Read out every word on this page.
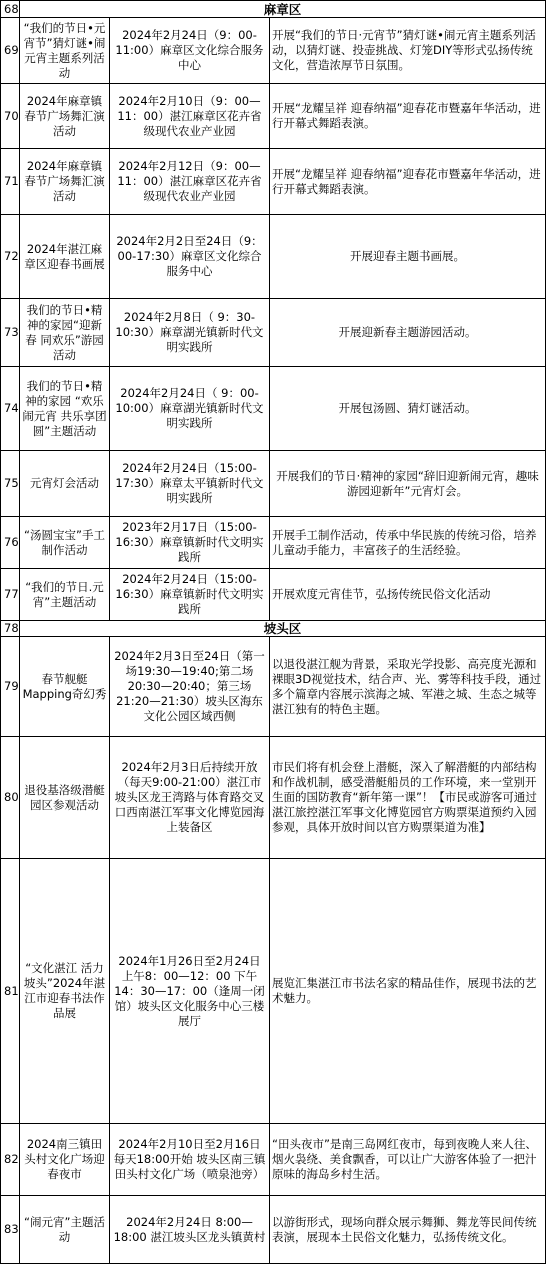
68	麻章区		
69	“我们的节日•元宵节”猜灯谜•闹元宵主题系列活动	2024年2月24日（9：00-11:00）麻章区文化综合服务中心	开展“我们的节日·元宵节”猜灯谜•闹元宵主题系列活动，以猜灯谜、投壶挑战、灯笼DIY等形式弘扬传统文化，营造浓厚节日氛围。
70	2024年麻章镇春节广场舞汇演活动	2024年2月10日（9：00—11：00）湛江麻章区花卉省级现代农业产业园	开展“龙耀呈祥 迎春纳福”迎春花市暨嘉年华活动，进行开幕式舞蹈表演。
71	2024年麻章镇春节广场舞汇演活动	2024年2月12日（9：00—11：00）湛江麻章区花卉省级现代农业产业园	开展“龙耀呈祥 迎春纳福”迎春花市暨嘉年华活动，进行开幕式舞蹈表演。
72	2024年湛江麻章区迎春书画展	2024年2月2日至24日（9：00-17:30）麻章区文化综合服务中心	开展迎春主题书画展。
73	我们的节日•精神的家园“迎新春 同欢乐”游园活动	2024年2月8日（ 9：30-10:30）麻章湖光镇新时代文明实践所	开展迎新春主题游园活动。
74	我们的节日•精神的家园 “欢乐闹元宵 共乐享团圆”主题活动	2024年2月24日（ 9：00-10:00）麻章湖光镇新时代文明实践所	开展包汤圆、猜灯谜活动。
75	元宵灯会活动	2024年2月24日（15:00-17:30）麻章太平镇新时代文明实践所	开展我们的节日·精神的家园“辞旧迎新闹元宵，趣味游园迎新年”元宵灯会。
76	“汤圆宝宝”手工制作活动	2023年2月17日（15:00-16:30）麻章镇新时代文明实践所	开展手工制作活动，传承中华民族的传统习俗，培养儿童动手能力，丰富孩子的生活经验。
77	“我们的节日.元宵”主题活动	2024年2月24日（15:00-16:30）麻章镇新时代文明实践所	开展欢度元宵佳节，弘扬传统民俗文化活动
78	坡头区		
79	春节舰艇Mapping奇幻秀	2024年2月3日至24日（第一场19:30—19:40;第二场20:30—20:40；第三场21:20—21:30）坡头区海东文化公园区域西侧	以退役湛江舰为背景，采取光学投影、高亮度光源和裸眼3D视觉技术，结合声、光、雾等科技手段，通过多个篇章内容展示滨海之城、军港之城、生态之城等湛江独有的特色主题。
80	退役基洛级潜艇园区参观活动	2024年2月3日后持续开放（每天9:00-21:00）湛江市坡头区龙王湾路与体育路交叉口西南湛江军事文化博览园海上装备区	市民们将有机会登上潜艇，深入了解潜艇的内部结构和作战机制，感受潜艇船员的工作环境，来一堂别开生面的国防教育“新年第一课”！【市民或游客可通过湛江旅控湛江军事文化博览园官方购票渠道预约入园参观，具体开放时间以官方购票渠道为准】
81	“文化湛江 活力坡头”2024年湛江市迎春书法作品展	2024年1月26日至2月24日 上午8：00—12：00 下午14：30—17：00（逢周一闭馆）坡头区文化服务中心三楼展厅	展览汇集湛江市书法名家的精品佳作，展现书法的艺术魅力。
82	2024南三镇田头村文化广场迎春夜市	2024年2月10日至2月16日 每天18:00开始 坡头区南三镇田头村文化广场（喷泉池旁）	“田头夜市”是南三岛网红夜市，每到夜晚人来人往、烟火袅绕、美食飘香，可以让广大游客体验了一把汁原味的海岛乡村生活。
83	“闹元宵”主题活动	2024年2月24日 8:00—18:00 湛江坡头区龙头镇黄村	以游街形式，现场向群众展示舞狮、舞龙等民间传统表演，展现本土民俗文化魅力，弘扬传统文化。
